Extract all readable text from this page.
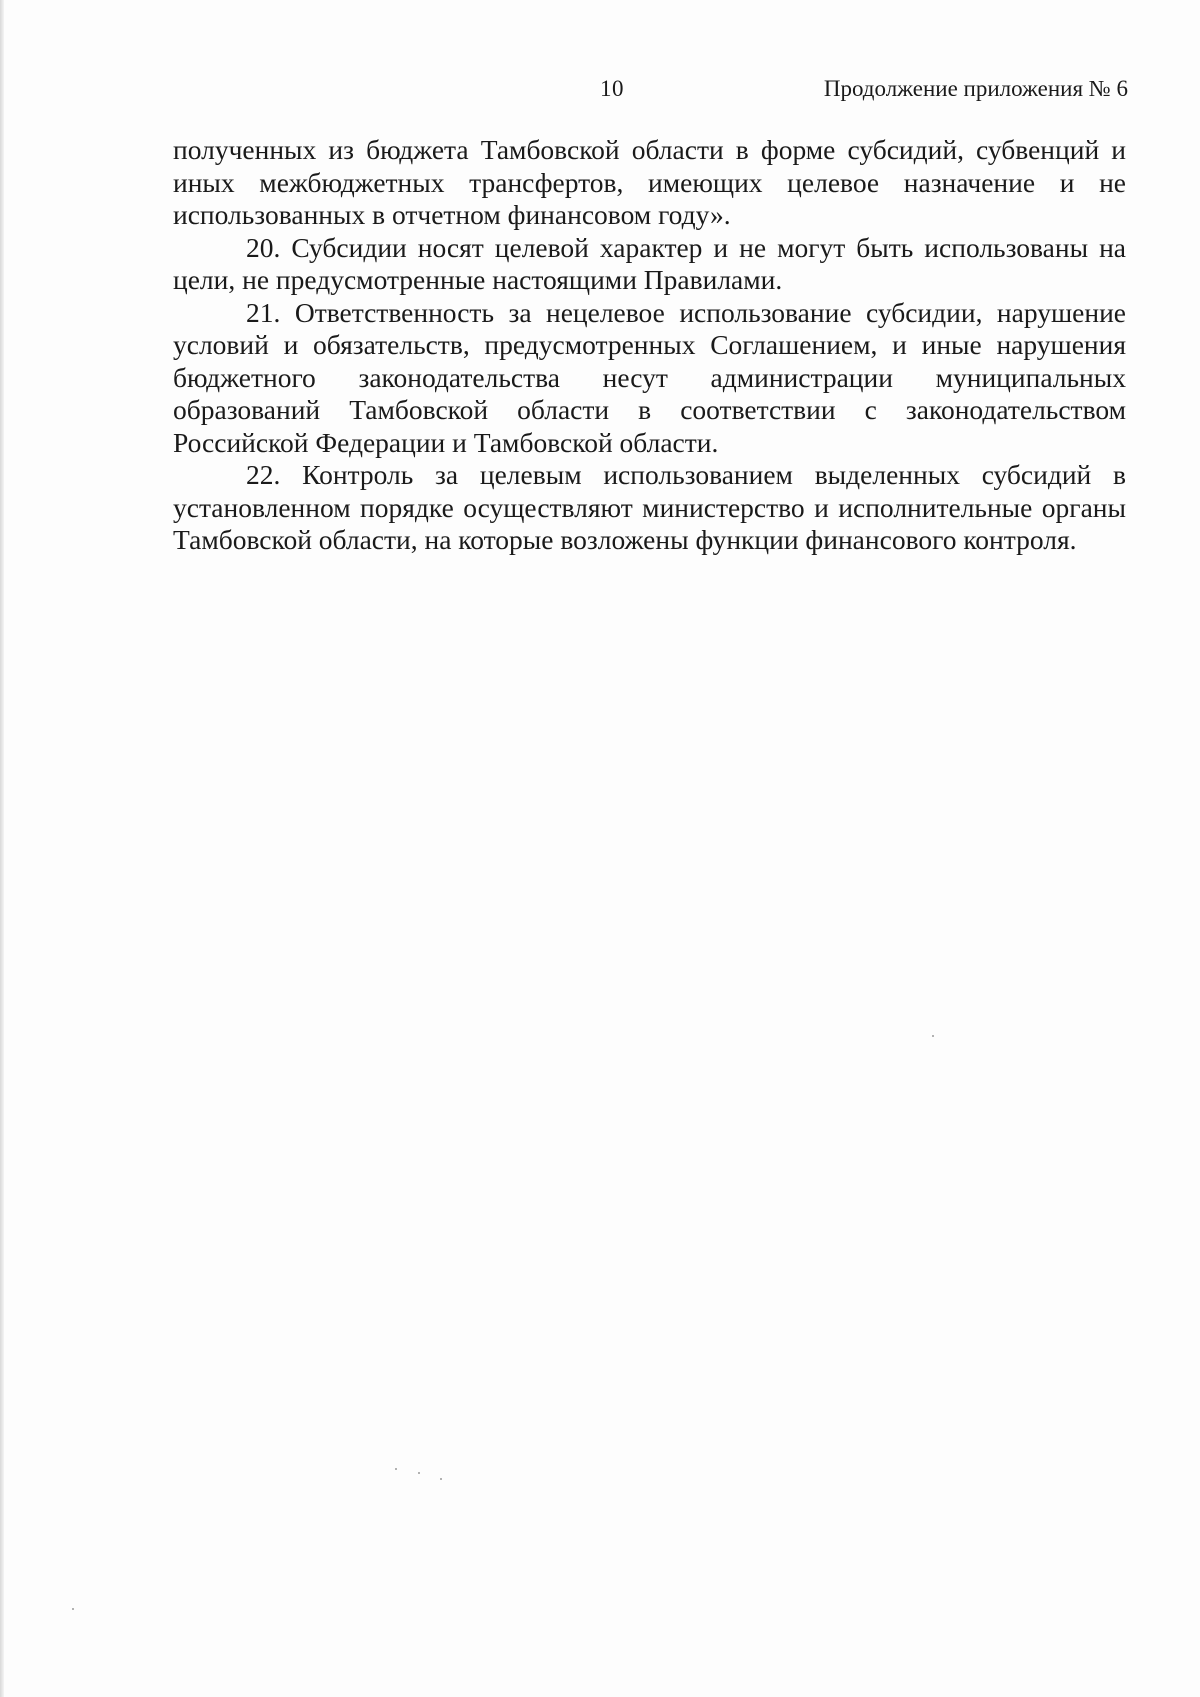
10	Продолжение приложения № 6

полученных из бюджета Тамбовской области в форме субсидий, субвенций и иных межбюджетных трансфертов, имеющих целевое назначение и не использованных в отчетном финансовом году».

20. Субсидии носят целевой характер и не могут быть использованы на цели, не предусмотренные настоящими Правилами.

21. Ответственность за нецелевое использование субсидии, нарушение условий и обязательств, предусмотренных Соглашением, и иные нарушения бюджетного законодательства несут администрации муниципальных образований Тамбовской области в соответствии с законодательством Российской Федерации и Тамбовской области.

22. Контроль за целевым использованием выделенных субсидий в установленном порядке осуществляют министерство и исполнительные органы Тамбовской области, на которые возложены функции финансового контроля.
